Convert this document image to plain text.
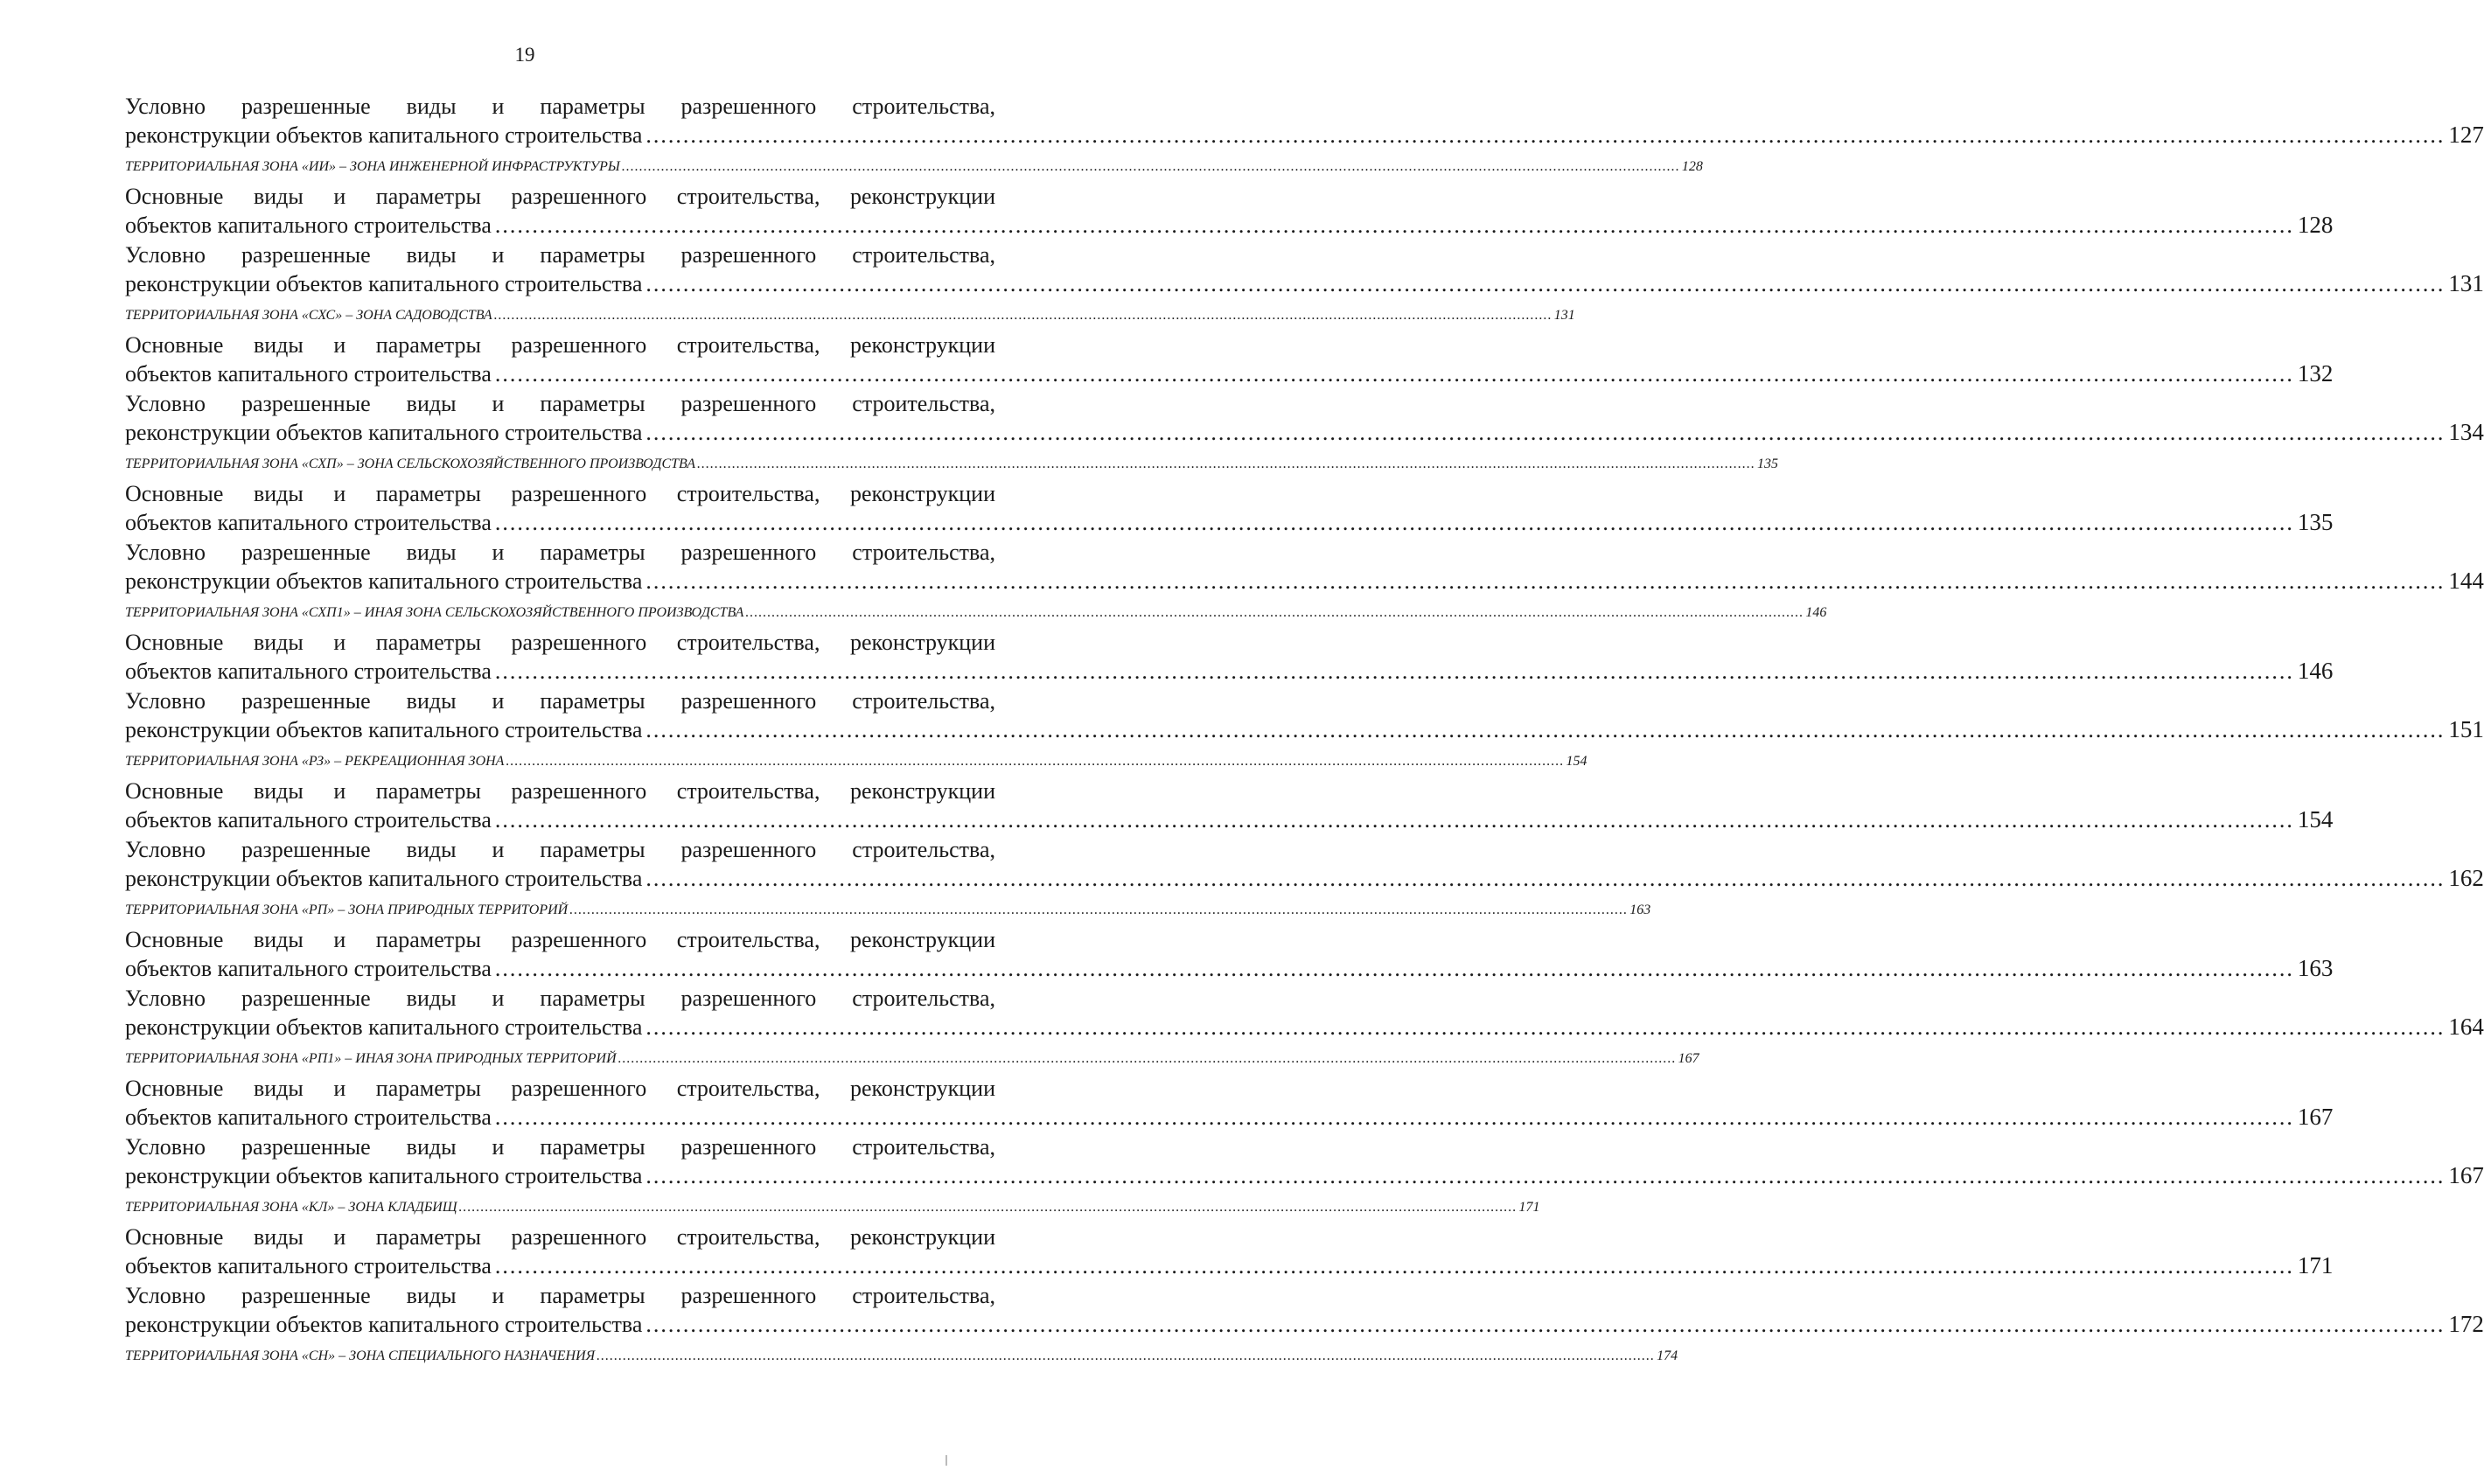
19
Условно разрешенные виды и параметры разрешенного строительства,
реконструкции объектов капитального строительства .................................................................................................................................................................................................................................................. 127
ТЕРРИТОРИАЛЬНАЯ ЗОНА «ИИ» – ЗОНА ИНЖЕНЕРНОЙ ИНФРАСТРУКТУРЫ .................................................................................................................................................................................................................................................. 128
Основные виды и параметры разрешенного строительства, реконструкции
объектов капитального строительства .................................................................................................................................................................................................................................................. 128
Условно разрешенные виды и параметры разрешенного строительства,
реконструкции объектов капитального строительства .................................................................................................................................................................................................................................................. 131
ТЕРРИТОРИАЛЬНАЯ ЗОНА «СХС» – ЗОНА САДОВОДСТВА .................................................................................................................................................................................................................................................. 131
Основные виды и параметры разрешенного строительства, реконструкции
объектов капитального строительства .................................................................................................................................................................................................................................................. 132
Условно разрешенные виды и параметры разрешенного строительства,
реконструкции объектов капитального строительства .................................................................................................................................................................................................................................................. 134
ТЕРРИТОРИАЛЬНАЯ ЗОНА «СХП» – ЗОНА СЕЛЬСКОХОЗЯЙСТВЕННОГО ПРОИЗВОДСТВА .................................................................................................................................................................................................................................................. 135
Основные виды и параметры разрешенного строительства, реконструкции
объектов капитального строительства .................................................................................................................................................................................................................................................. 135
Условно разрешенные виды и параметры разрешенного строительства,
реконструкции объектов капитального строительства .................................................................................................................................................................................................................................................. 144
ТЕРРИТОРИАЛЬНАЯ ЗОНА «СХП1» – ИНАЯ ЗОНА СЕЛЬСКОХОЗЯЙСТВЕННОГО ПРОИЗВОДСТВА .................................................................................................................................................................................................................................................. 146
Основные виды и параметры разрешенного строительства, реконструкции
объектов капитального строительства .................................................................................................................................................................................................................................................. 146
Условно разрешенные виды и параметры разрешенного строительства,
реконструкции объектов капитального строительства .................................................................................................................................................................................................................................................. 151
ТЕРРИТОРИАЛЬНАЯ ЗОНА «РЗ» – РЕКРЕАЦИОННАЯ ЗОНА .................................................................................................................................................................................................................................................. 154
Основные виды и параметры разрешенного строительства, реконструкции
объектов капитального строительства .................................................................................................................................................................................................................................................. 154
Условно разрешенные виды и параметры разрешенного строительства,
реконструкции объектов капитального строительства .................................................................................................................................................................................................................................................. 162
ТЕРРИТОРИАЛЬНАЯ ЗОНА «РП» – ЗОНА ПРИРОДНЫХ ТЕРРИТОРИЙ .................................................................................................................................................................................................................................................. 163
Основные виды и параметры разрешенного строительства, реконструкции
объектов капитального строительства .................................................................................................................................................................................................................................................. 163
Условно разрешенные виды и параметры разрешенного строительства,
реконструкции объектов капитального строительства .................................................................................................................................................................................................................................................. 164
ТЕРРИТОРИАЛЬНАЯ ЗОНА «РП1» – ИНАЯ ЗОНА ПРИРОДНЫХ ТЕРРИТОРИЙ .................................................................................................................................................................................................................................................. 167
Основные виды и параметры разрешенного строительства, реконструкции
объектов капитального строительства .................................................................................................................................................................................................................................................. 167
Условно разрешенные виды и параметры разрешенного строительства,
реконструкции объектов капитального строительства .................................................................................................................................................................................................................................................. 167
ТЕРРИТОРИАЛЬНАЯ ЗОНА «КЛ» – ЗОНА КЛАДБИЩ .................................................................................................................................................................................................................................................. 171
Основные виды и параметры разрешенного строительства, реконструкции
объектов капитального строительства .................................................................................................................................................................................................................................................. 171
Условно разрешенные виды и параметры разрешенного строительства,
реконструкции объектов капитального строительства .................................................................................................................................................................................................................................................. 172
ТЕРРИТОРИАЛЬНАЯ ЗОНА «СН» – ЗОНА СПЕЦИАЛЬНОГО НАЗНАЧЕНИЯ .................................................................................................................................................................................................................................................. 174
